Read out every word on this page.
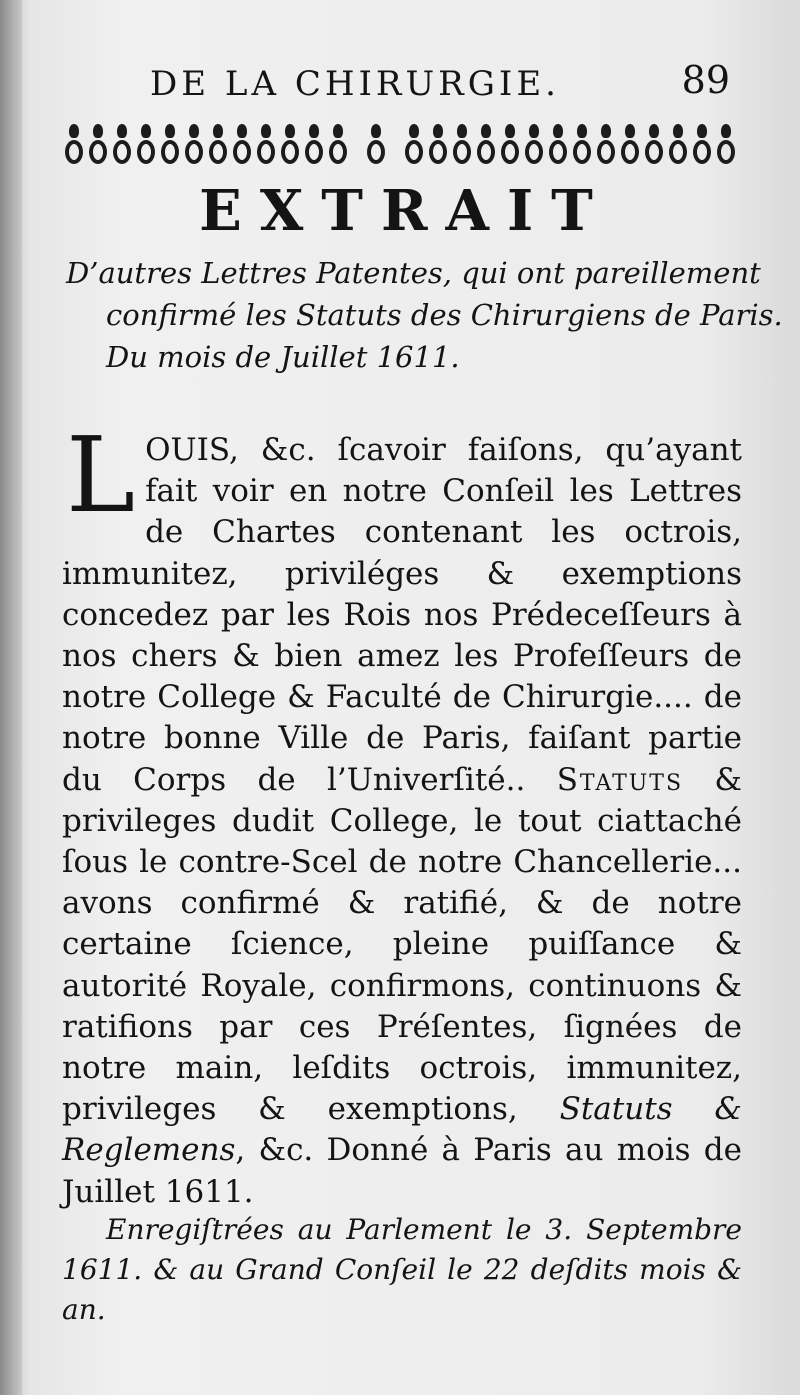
DE LA CHIRURGIE.	89
EXTRAIT
D’autres Lettres Patentes, qui ont pareillement confirmé les Statuts des Chirurgiens de Paris. Du mois de Juillet 1611.
LOUIS, &c. ſcavoir faiſons, qu’ayant fait voir en notre Conſeil les Lettres de Chartes contenant les octrois, immunitez, priviléges & exemptions concedez par les Rois nos Prédeceſſeurs à nos chers & bien amez les Profeſſeurs de notre College & Faculté de Chirurgie.... de notre bonne Ville de Paris, faiſant partie du Corps de l’Univerſité.. Statuts & privileges dudit College, le tout ciattaché ſous le contre-Scel de notre Chancellerie... avons confirmé & ratifié, & de notre certaine ſcience, pleine puiſſance & autorité Royale, confirmons, continuons & ratifions par ces Préſentes, ſignées de notre main, leſdits octrois, immunitez, privileges & exemptions, Statuts & Reglemens, &c. Donné à Paris au mois de Juillet 1611.
Enregiſtrées au Parlement le 3. Septembre 1611. & au Grand Conſeil le 22 deſdits mois & an.
